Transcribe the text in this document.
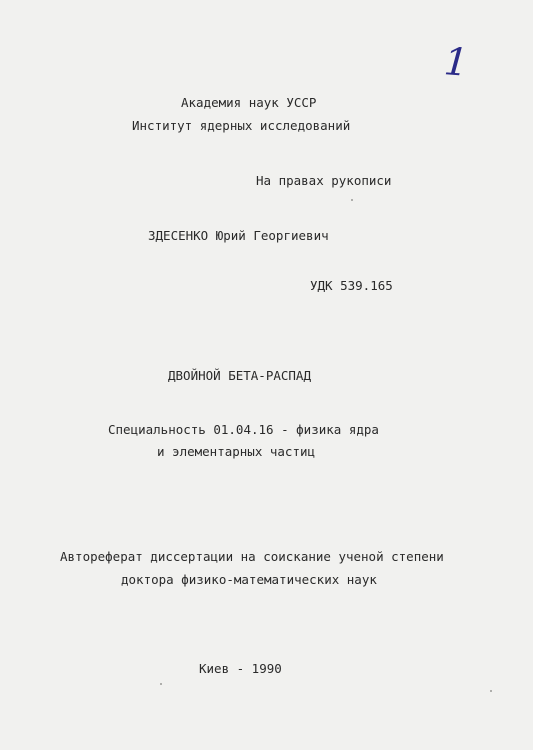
1
Академия наук УССР
Институт ядерных исследований
На правах рукописи
ЗДЕСЕНКО Юрий Георгиевич
УДК 539.165
ДВОЙНОЙ БЕТА-РАСПАД
Специальность 01.04.16 - физика ядра
и элементарных частиц
Автореферат диссертации на соискание ученой степени
доктора физико-математических наук
Киев - 1990
